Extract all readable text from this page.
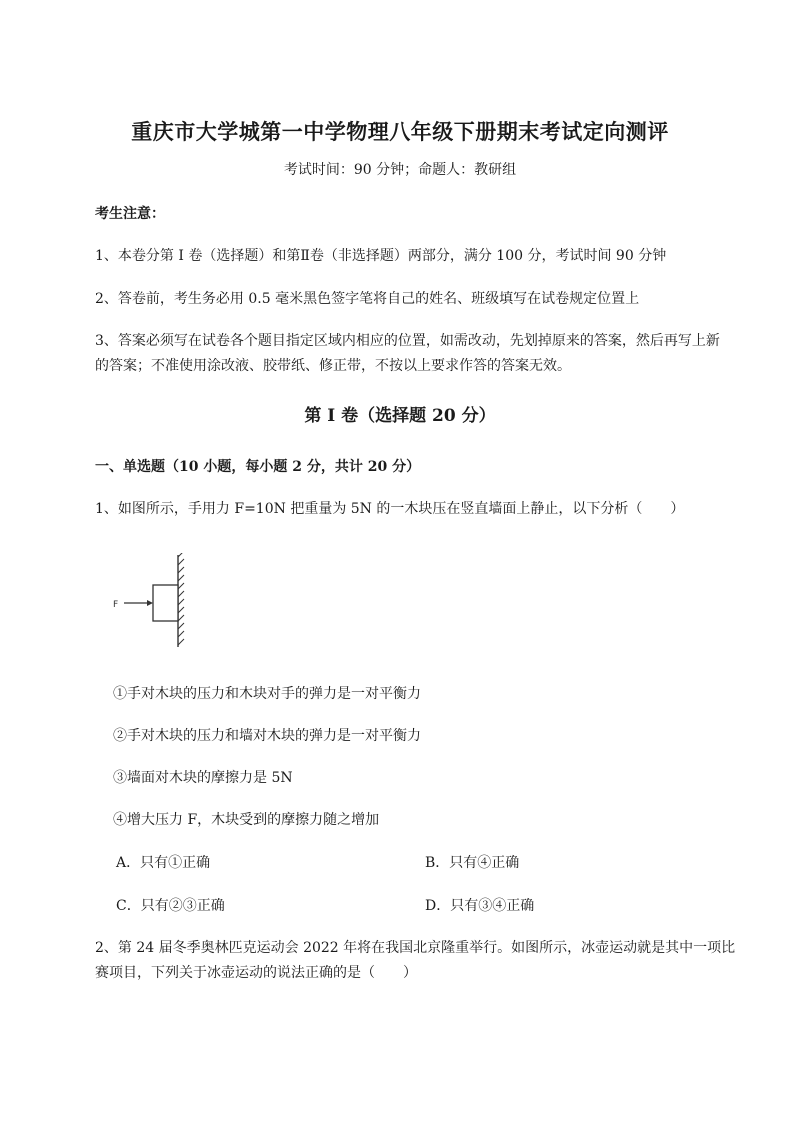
重庆市大学城第一中学物理八年级下册期末考试定向测评
考试时间：90 分钟；命题人：教研组
考生注意：
1、本卷分第 I 卷（选择题）和第Ⅱ卷（非选择题）两部分，满分 100 分，考试时间 90 分钟
2、答卷前，考生务必用 0.5 毫米黑色签字笔将自己的姓名、班级填写在试卷规定位置上
3、答案必须写在试卷各个题目指定区域内相应的位置，如需改动，先划掉原来的答案，然后再写上新
的答案；不准使用涂改液、胶带纸、修正带，不按以上要求作答的答案无效。
第 I 卷（选择题 20 分）
一、单选题（10 小题，每小题 2 分，共计 20 分）
1、如图所示，手用力 F=10N 把重量为 5N 的一木块压在竖直墙面上静止，以下分析（　　）
F
①手对木块的压力和木块对手的弹力是一对平衡力
②手对木块的压力和墙对木块的弹力是一对平衡力
③墙面对木块的摩擦力是 5N
④增大压力 F，木块受到的摩擦力随之增加
A．只有①正确	B．只有④正确
C．只有②③正确	D．只有③④正确
2、第 24 届冬季奥林匹克运动会 2022 年将在我国北京隆重举行。如图所示，冰壶运动就是其中一项比
赛项目，下列关于冰壶运动的说法正确的是（　　）
